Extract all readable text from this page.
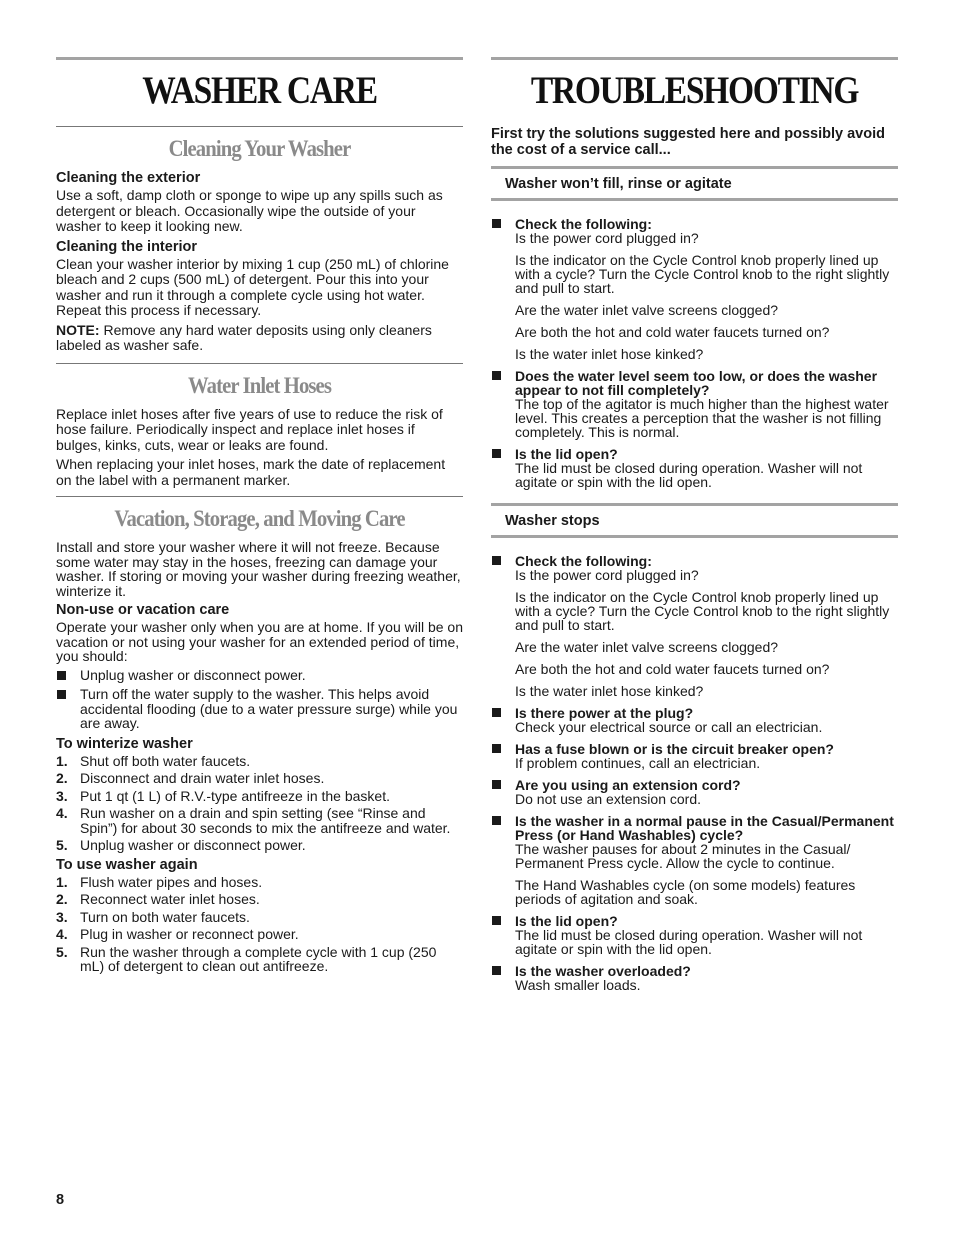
WASHER CARE
Cleaning Your Washer
Cleaning the exterior

Use a soft, damp cloth or sponge to wipe up any spills such as detergent or bleach. Occasionally wipe the outside of your washer to keep it looking new.

Cleaning the interior

Clean your washer interior by mixing 1 cup (250 mL) of chlorine bleach and 2 cups (500 mL) of detergent. Pour this into your washer and run it through a complete cycle using hot water. Repeat this process if necessary.

NOTE: Remove any hard water deposits using only cleaners labeled as washer safe.

Water Inlet Hoses

Replace inlet hoses after five years of use to reduce the risk of hose failure. Periodically inspect and replace inlet hoses if bulges, kinks, cuts, wear or leaks are found.

When replacing your inlet hoses, mark the date of replacement on the label with a permanent marker.

Vacation, Storage, and Moving Care

Install and store your washer where it will not freeze. Because some water may stay in the hoses, freezing can damage your washer. If storing or moving your washer during freezing weather, winterize it.

Non-use or vacation care

Operate your washer only when you are at home. If you will be on vacation or not using your washer for an extended period of time, you should:

Unplug washer or disconnect power.
Turn off the water supply to the washer. This helps avoid accidental flooding (due to a water pressure surge) while you are away.
To winterize washer
1. Shut off both water faucets.
2. Disconnect and drain water inlet hoses.
3. Put 1 qt (1 L) of R.V.-type antifreeze in the basket.
4. Run washer on a drain and spin setting (see “Rinse and Spin”) for about 30 seconds to mix the antifreeze and water.
5. Unplug washer or disconnect power.
To use washer again
1. Flush water pipes and hoses.
2. Reconnect water inlet hoses.
3. Turn on both water faucets.
4. Plug in washer or reconnect power.
5. Run the washer through a complete cycle with 1 cup (250 mL) of detergent to clean out antifreeze.
TROUBLESHOOTING
First try the solutions suggested here and possibly avoid the cost of a service call...
Washer won’t fill, rinse or agitate
Check the following:
Is the power cord plugged in?
Is the indicator on the Cycle Control knob properly lined up with a cycle? Turn the Cycle Control knob to the right slightly and pull to start.
Are the water inlet valve screens clogged?
Are both the hot and cold water faucets turned on?
Is the water inlet hose kinked?
Does the water level seem too low, or does the washer appear to not fill completely?
The top of the agitator is much higher than the highest water level. This creates a perception that the washer is not filling completely. This is normal.
Is the lid open?
The lid must be closed during operation. Washer will not agitate or spin with the lid open.
Washer stops
Check the following:
Is the power cord plugged in?
Is the indicator on the Cycle Control knob properly lined up with a cycle? Turn the Cycle Control knob to the right slightly and pull to start.
Are the water inlet valve screens clogged?
Are both the hot and cold water faucets turned on?
Is the water inlet hose kinked?
Is there power at the plug?
Check your electrical source or call an electrician.
Has a fuse blown or is the circuit breaker open?
If problem continues, call an electrician.
Are you using an extension cord?
Do not use an extension cord.
Is the washer in a normal pause in the Casual/Permanent Press (or Hand Washables) cycle?
The washer pauses for about 2 minutes in the Casual/ Permanent Press cycle. Allow the cycle to continue.
The Hand Washables cycle (on some models) features periods of agitation and soak.
Is the lid open?
The lid must be closed during operation. Washer will not agitate or spin with the lid open.
Is the washer overloaded?
Wash smaller loads.
8
